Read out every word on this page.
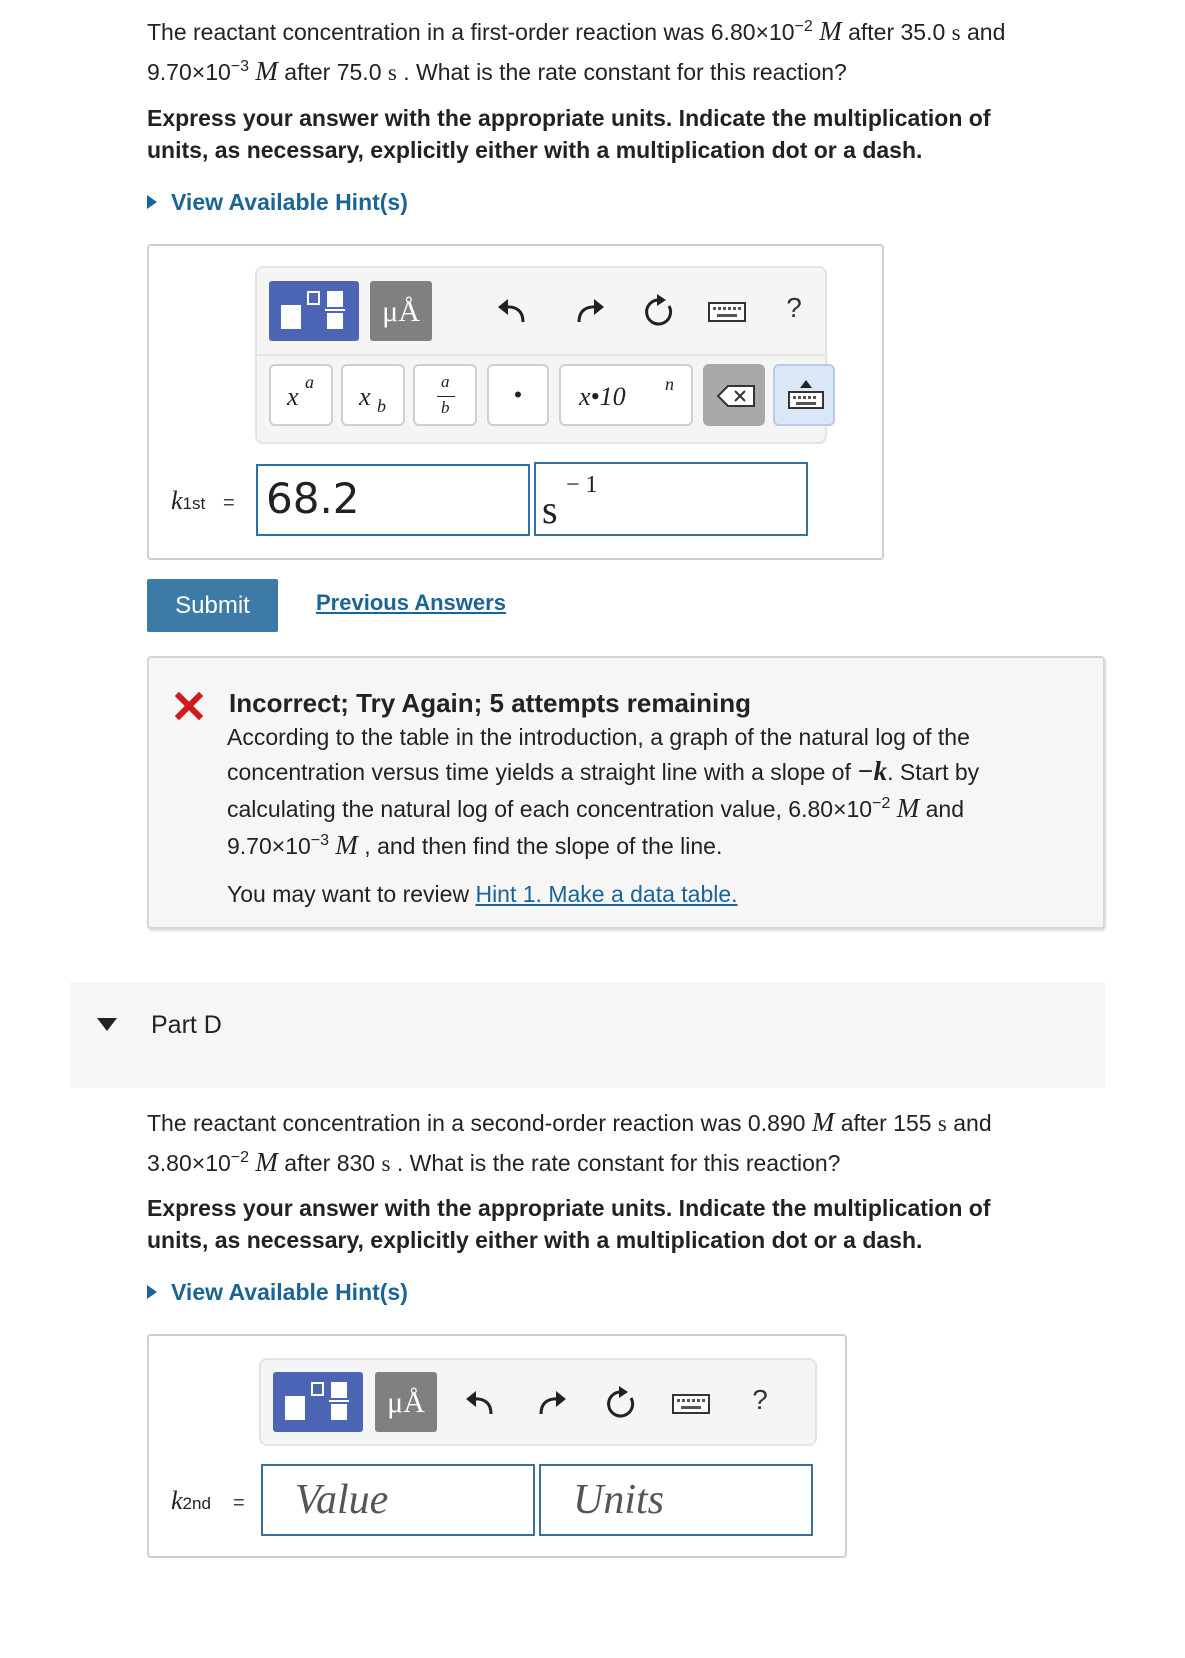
The reactant concentration in a first-order reaction was $6.80\times 10^{-2}$ M after 35.0 s and
$9.70\times 10^{-3}$ M after 75.0 s . What is the rate constant for this reaction?
Express your answer with the appropriate units. Indicate the multiplication of
units, as necessary, explicitly either with a multiplication dot or a dash.
View Available Hint(s)
μÅ	?
x a x b
a
b
•	x•10 n
k1st = 68.2	s
− 1
Submit	Previous Answers
Incorrect; Try Again; 5 attempts remaining
According to the table in the introduction, a graph of the natural log of the
concentration versus time yields a straight line with a slope of −k. Start by
calculating the natural log of each concentration value, $6.80\times 10^{-2}$ M and
$9.70\times 10^{-3}$ M , and then find the slope of the line.
You may want to review Hint 1. Make a data table.
Part D
The reactant concentration in a second-order reaction was 0.890 M after 155 s and
$3.80\times 10^{-2}$ M after 830 s . What is the rate constant for this reaction?
Express your answer with the appropriate units. Indicate the multiplication of
units, as necessary, explicitly either with a multiplication dot or a dash.
View Available Hint(s)
μÅ	?
k2nd = Value	Units
